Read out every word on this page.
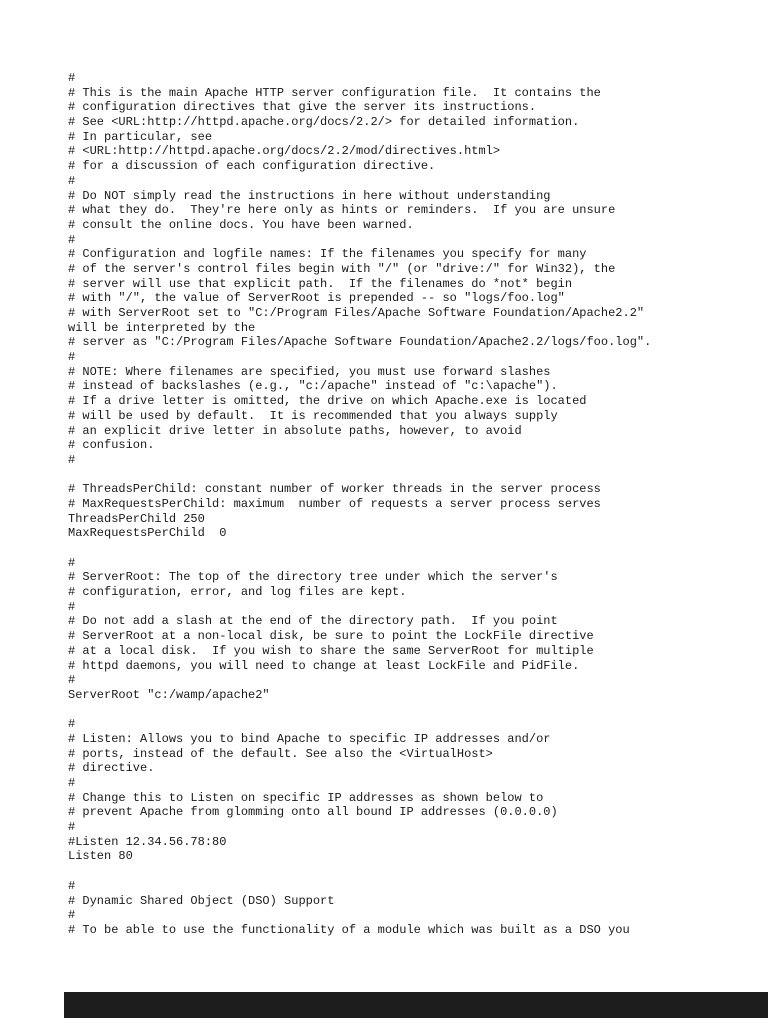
#
# This is the main Apache HTTP server configuration file.  It contains the
# configuration directives that give the server its instructions.
# See <URL:http://httpd.apache.org/docs/2.2/> for detailed information.
# In particular, see
# <URL:http://httpd.apache.org/docs/2.2/mod/directives.html>
# for a discussion of each configuration directive.
#
# Do NOT simply read the instructions in here without understanding
# what they do.  They're here only as hints or reminders.  If you are unsure
# consult the online docs. You have been warned.
#
# Configuration and logfile names: If the filenames you specify for many
# of the server's control files begin with "/" (or "drive:/" for Win32), the
# server will use that explicit path.  If the filenames do *not* begin
# with "/", the value of ServerRoot is prepended -- so "logs/foo.log"
# with ServerRoot set to "C:/Program Files/Apache Software Foundation/Apache2.2"
will be interpreted by the
# server as "C:/Program Files/Apache Software Foundation/Apache2.2/logs/foo.log".
#
# NOTE: Where filenames are specified, you must use forward slashes
# instead of backslashes (e.g., "c:/apache" instead of "c:\apache").
# If a drive letter is omitted, the drive on which Apache.exe is located
# will be used by default.  It is recommended that you always supply
# an explicit drive letter in absolute paths, however, to avoid
# confusion.
#

# ThreadsPerChild: constant number of worker threads in the server process
# MaxRequestsPerChild: maximum  number of requests a server process serves
ThreadsPerChild 250
MaxRequestsPerChild  0

#
# ServerRoot: The top of the directory tree under which the server's
# configuration, error, and log files are kept.
#
# Do not add a slash at the end of the directory path.  If you point
# ServerRoot at a non-local disk, be sure to point the LockFile directive
# at a local disk.  If you wish to share the same ServerRoot for multiple
# httpd daemons, you will need to change at least LockFile and PidFile.
#
ServerRoot "c:/wamp/apache2"

#
# Listen: Allows you to bind Apache to specific IP addresses and/or
# ports, instead of the default. See also the <VirtualHost>
# directive.
#
# Change this to Listen on specific IP addresses as shown below to
# prevent Apache from glomming onto all bound IP addresses (0.0.0.0)
#
#Listen 12.34.56.78:80
Listen 80

#
# Dynamic Shared Object (DSO) Support
#
# To be able to use the functionality of a module which was built as a DSO you
